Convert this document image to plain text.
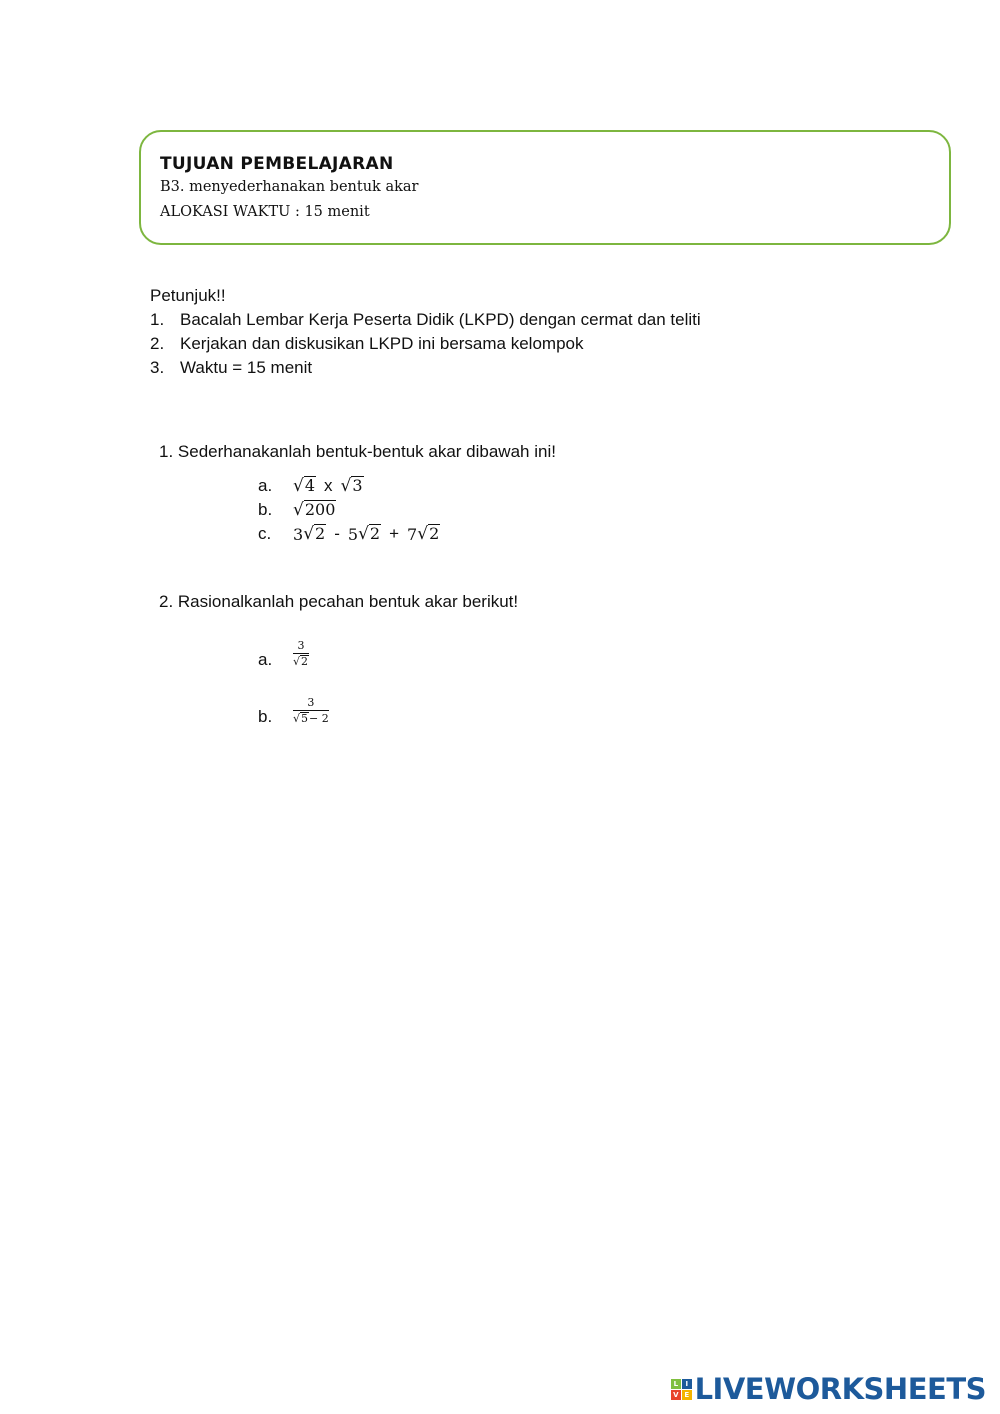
TUJUAN PEMBELAJARAN
B3. menyederhanakan bentuk akar
ALOKASI WAKTU : 15 menit
Petunjuk!!
1. Bacalah Lembar Kerja Peserta Didik (LKPD) dengan cermat dan teliti
2. Kerjakan dan diskusikan LKPD ini bersama kelompok
3. Waktu = 15 menit
1. Sederhanakanlah bentuk-bentuk akar dibawah ini!
a.	√ 4 x √ 3
b.	√ 200
c.	3 √ 2 - 5 √ 2 + 7 √ 2
2. Rasionalkanlah pecahan bentuk akar berikut!
a.	$\frac{3}{√ 2}$
b.	$\frac{3}{√ 5 - 2}$
L	I
V E LIVEWORKSHEETS
